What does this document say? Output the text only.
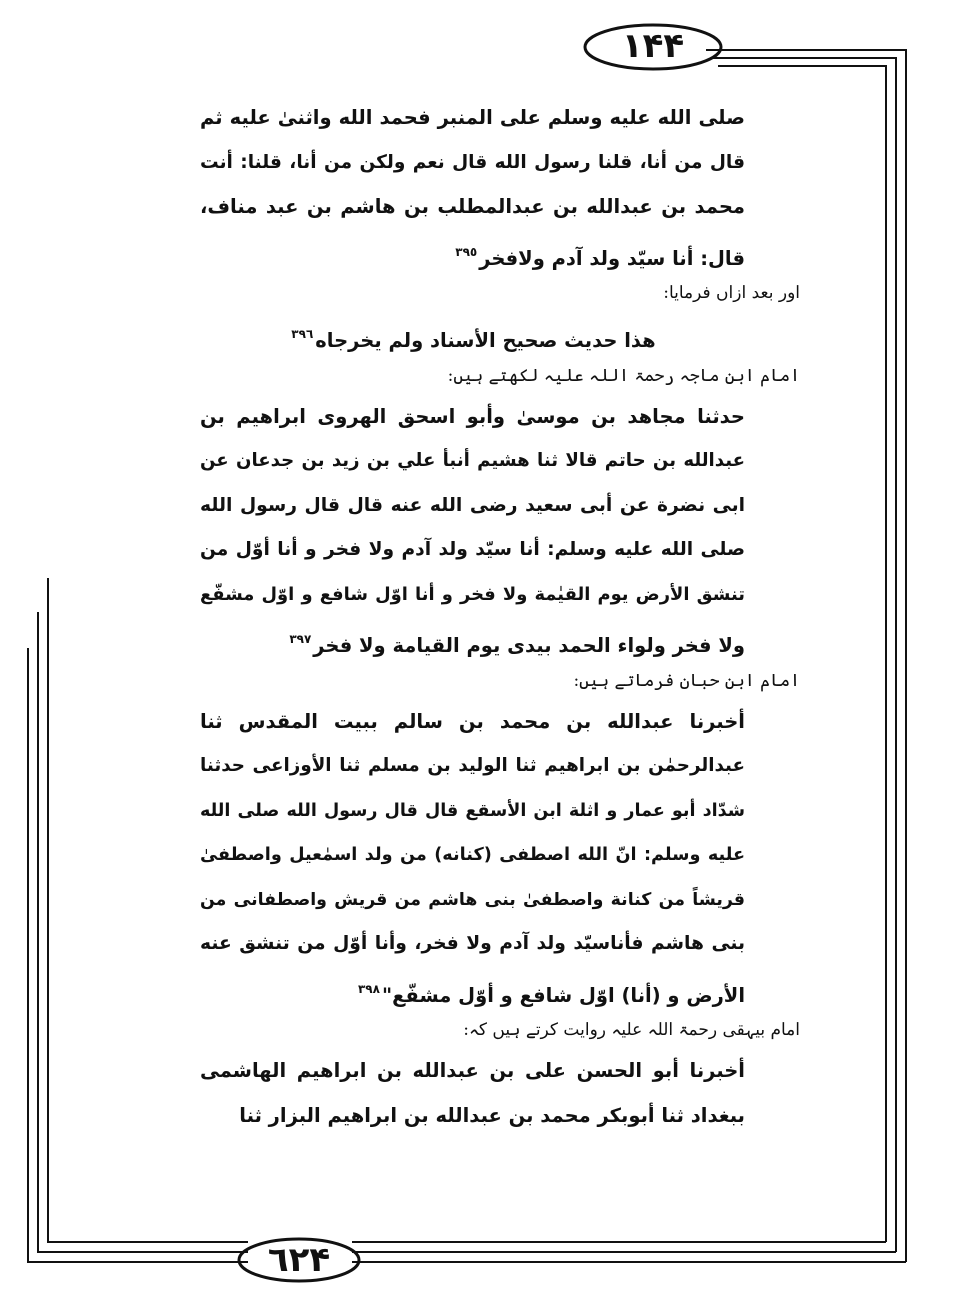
١۴۴
٦٢۴
صلى الله عليه وسلم على المنبر فحمد الله واثنىٰ عليه ثم
قال من أنا، قلنا رسول الله قال نعم ولكن من أنا، قلنا: أنت
محمد بن عبدالله بن عبدالمطلب بن هاشم بن عبد مناف،
قال: أنا سيّد ولد آدم ولافخر$^{٣٩٥}$
اور بعد ازاں فرمایا:
هذا حديث صحيح الأسناد ولم يخرجاه$^{٣٩٦}$
امام ابن ماجہ رحمۃ اللہ علیہ لکھتے ہیں:
حدثنا مجاهد بن موسىٰ وأبو اسحق الهروى ابراهيم بن
عبدالله بن حاتم قالا ثنا هشيم أنبأ علي بن زيد بن جدعان عن
ابى نضرة عن أبى سعيد رضى الله عنه قال قال رسول الله
صلى الله عليه وسلم: أنا سيّد ولد آدم ولا فخر و أنا أوّل من
تنشق الأرض يوم القيٰمة ولا فخر و أنا اوّل شافع و اوّل مشفّع
ولا فخر ولواء الحمد بيدى يوم القيامة ولا فخر$^{٣٩٧}$
امام ابن حبان فرماتے ہیں:
أخبرنا عبدالله بن محمد بن سالم ببيت المقدس ثنا
عبدالرحمٰن بن ابراهيم ثنا الوليد بن مسلم ثنا الأوزاعى حدثنا
شدّاد أبو عمار و اثلة ابن الأسقع قال قال رسول الله صلى الله
عليه وسلم: انّ الله اصطفى (كنانه) من ولد اسمٰعيل واصطفىٰ
قريشاً من كنانة واصطفىٰ بنى هاشم من قريش واصطفانى من
بنى هاشم فأناسيّد ولد آدم ولا فخر، وأنا أوّل من تنشق عنه
الأرض و (أنا) اوّل شافع و أوّل مشفّع"$^{٣٩٨}$
امام بیہقی رحمۃ اللہ علیہ روایت کرتے ہیں کہ:
أخبرنا أبو الحسن على بن عبدالله بن ابراهيم الهاشمى
ببغداد ثنا أبوبكر محمد بن عبدالله بن ابراهيم البزار ثنا
